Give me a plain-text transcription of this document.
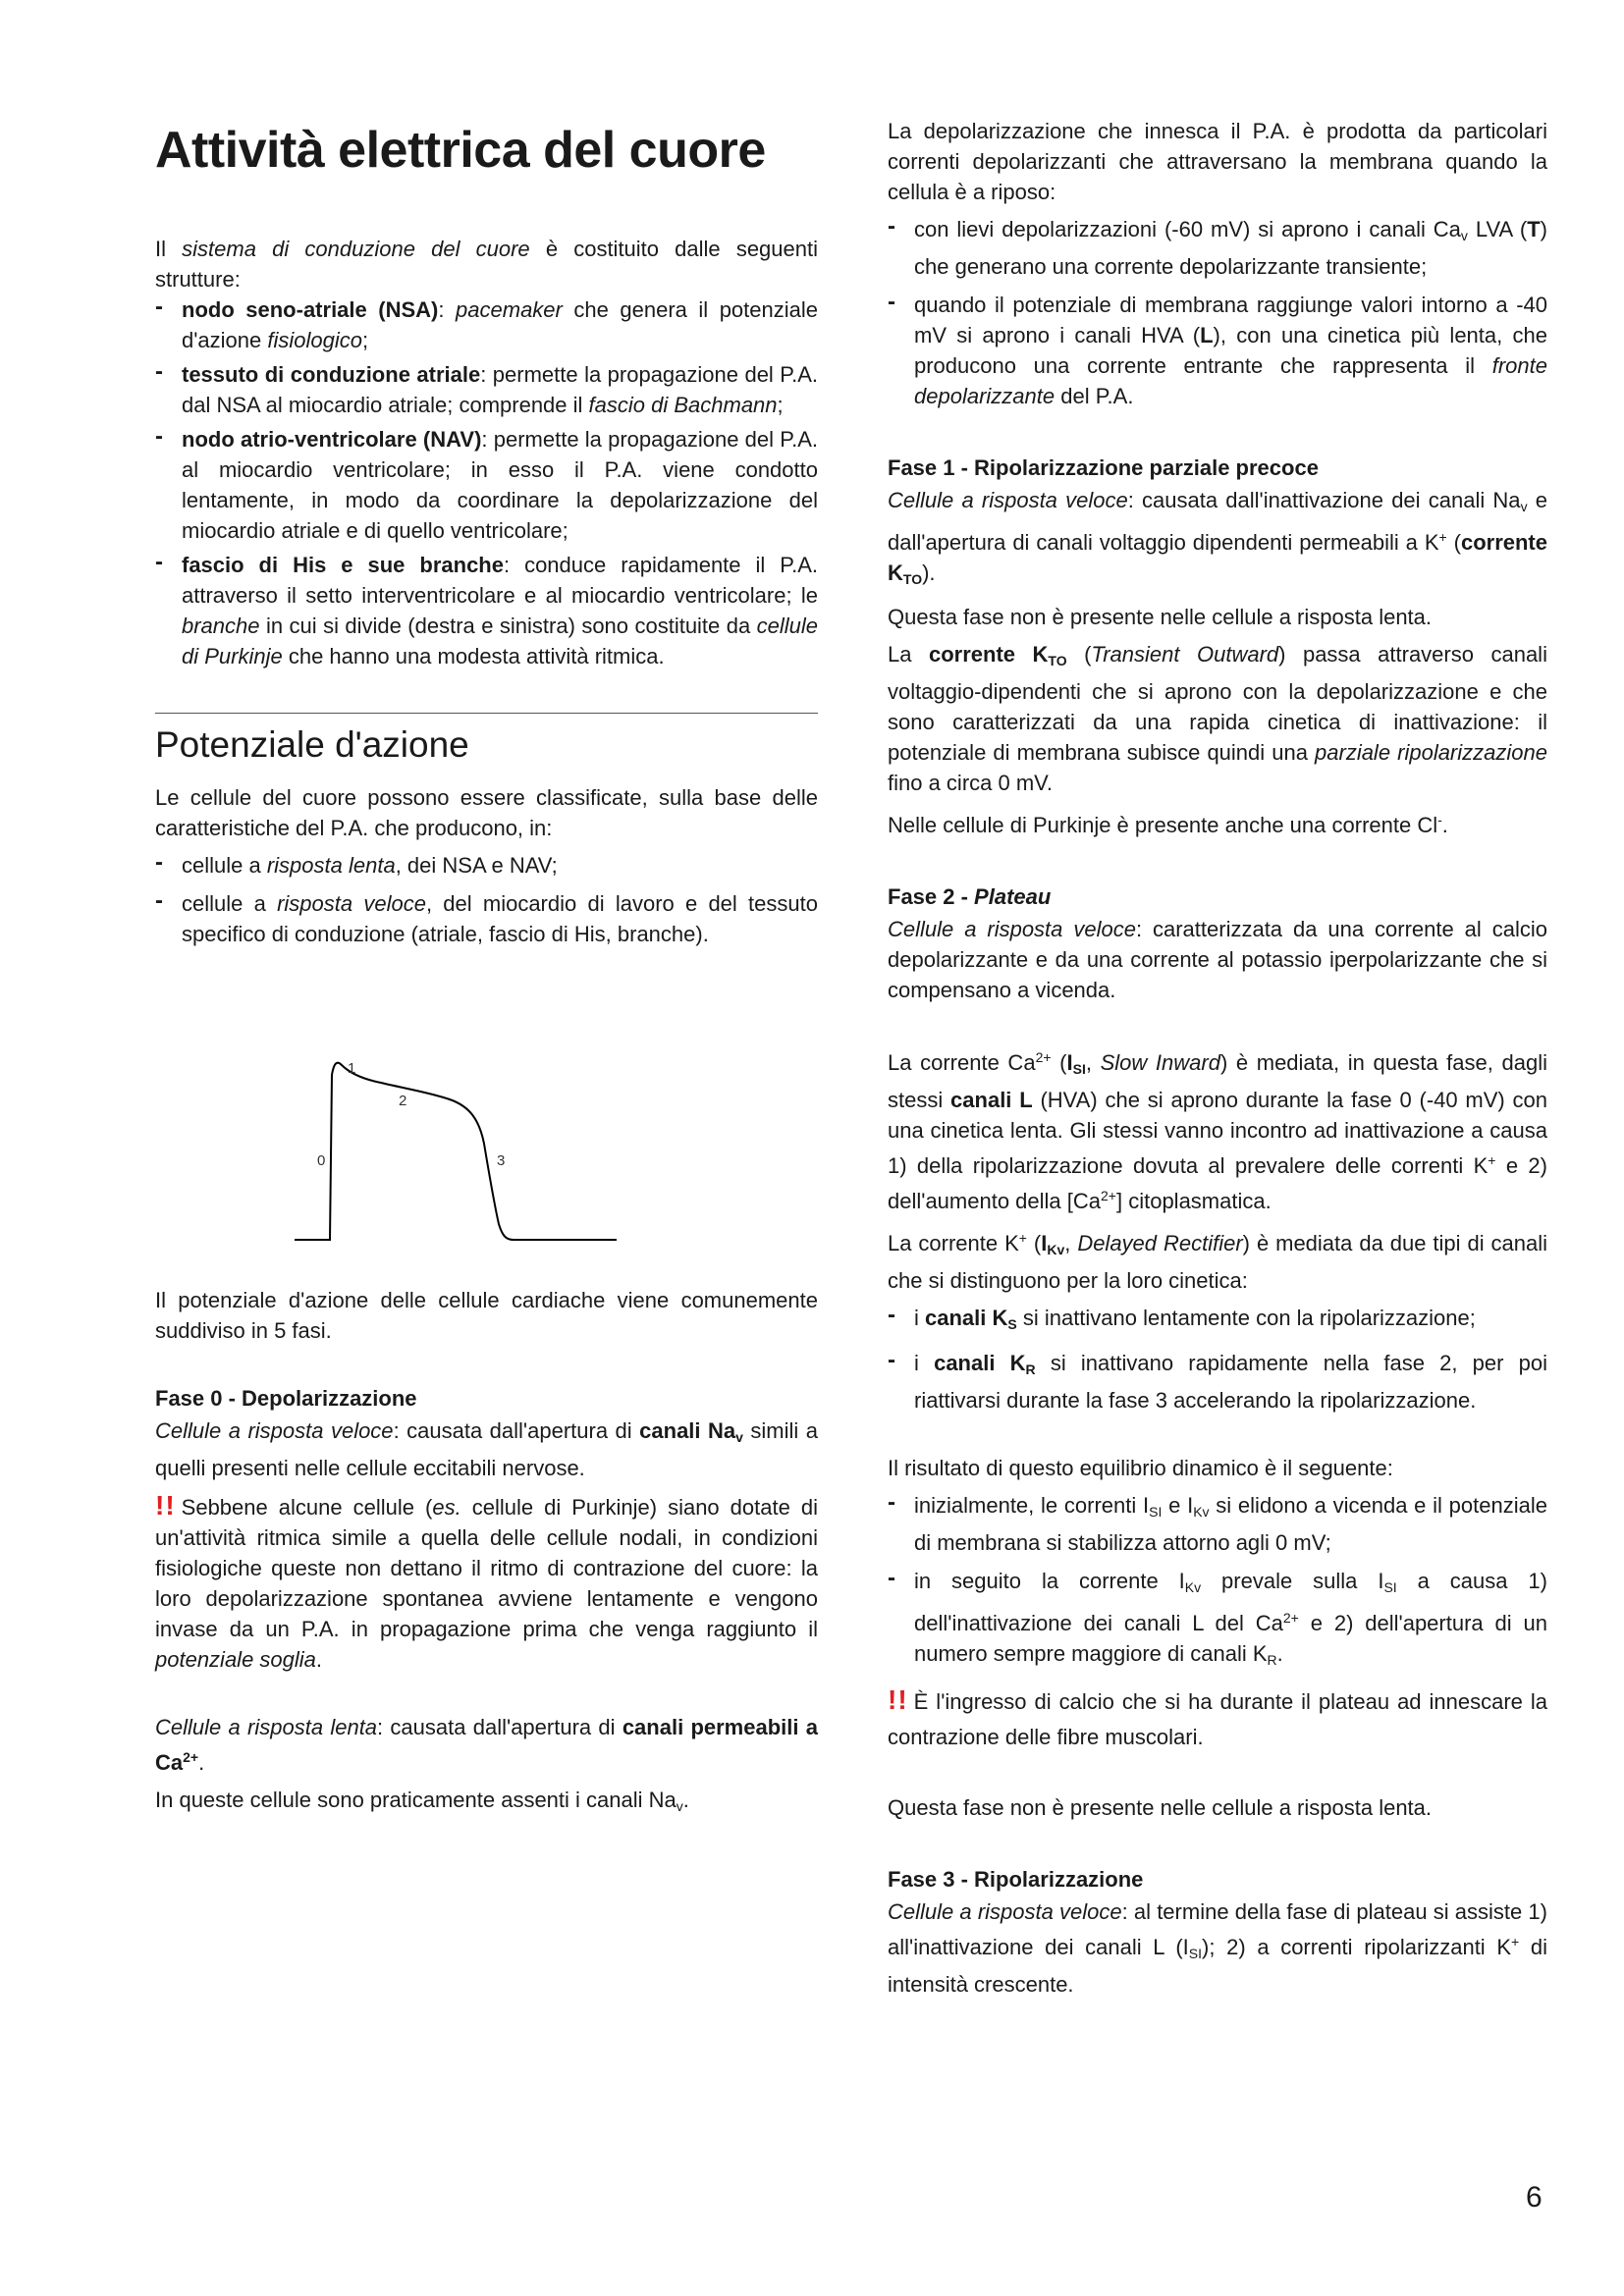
Attività elettrica del cuore

Il sistema di conduzione del cuore è costituito dalle seguenti strutture:

- nodo seno-atriale (NSA): pacemaker che genera il potenziale d'azione fisiologico;
- tessuto di conduzione atriale: permette la propagazione del P.A. dal NSA al miocardio atriale; comprende il fascio di Bachmann;
- nodo atrio-ventricolare (NAV): permette la propagazione del P.A. al miocardio ventricolare; in esso il P.A. viene condotto lentamente, in modo da coordinare la depolarizzazione del miocardio atriale e di quello ventricolare;
- fascio di His e sue branche: conduce rapidamente il P.A. attraverso il setto interventricolare e al miocardio ventricolare; le branche in cui si divide (destra e sinistra) sono costituite da cellule di Purkinje che hanno una modesta attività ritmica.
Potenziale d'azione

Le cellule del cuore possono essere classificate, sulla base delle caratteristiche del P.A. che producono, in:

- cellule a risposta lenta, dei NSA e NAV;
- cellule a risposta veloce, del miocardio di lavoro e del tessuto specifico di conduzione (atriale, fascio di His, branche).
0
1
2
3

Il potenziale d'azione delle cellule cardiache viene comunemente suddiviso in 5 fasi.

Fase 0 - Depolarizzazione

Cellule a risposta veloce: causata dall'apertura di canali $Na_v$ simili a quelli presenti nelle cellule eccitabili nervose.

!! Sebbene alcune cellule (es. cellule di Purkinje) siano dotate di un'attività ritmica simile a quella delle cellule nodali, in condizioni fisiologiche queste non dettano il ritmo di contrazione del cuore: la loro depolarizzazione spontanea avviene lentamente e vengono invase da un P.A. in propagazione prima che venga raggiunto il potenziale soglia.

Cellule a risposta lenta: causata dall'apertura di canali permeabili a $Ca^{2+}$.

In queste cellule sono praticamente assenti i canali $Na_v$.

La depolarizzazione che innesca il P.A. è prodotta da particolari correnti depolarizzanti che attraversano la membrana quando la cellula è a riposo:

- con lievi depolarizzazioni (-60 mV) si aprono i canali $Ca_v$ LVA (T) che generano una corrente depolarizzante transiente;
- quando il potenziale di membrana raggiunge valori intorno a -40 mV si aprono i canali HVA (L), con una cinetica più lenta, che producono una corrente entrante che rappresenta il fronte depolarizzante del P.A.
Fase 1 - Ripolarizzazione parziale precoce

Cellule a risposta veloce: causata dall'inattivazione dei canali $Na_v$ e dall'apertura di canali voltaggio dipendenti permeabili a K+ (corrente $K_{TO}$).

Questa fase non è presente nelle cellule a risposta lenta.

La corrente $K_{TO}$ (Transient Outward) passa attraverso canali voltaggio-dipendenti che si aprono con la depolarizzazione e che sono caratterizzati da una rapida cinetica di inattivazione: il potenziale di membrana subisce quindi una parziale ripolarizzazione fino a circa 0 mV.

Nelle cellule di Purkinje è presente anche una corrente Cl-.

Fase 2 - Plateau

Cellule a risposta veloce: caratterizzata da una corrente al calcio depolarizzante e da una corrente al potassio iperpolarizzante che si compensano a vicenda.

La corrente $Ca^{2+}$ ($I_{SI}$, Slow Inward) è mediata, in questa fase, dagli stessi canali L (HVA) che si aprono durante la fase 0 (-40 mV) con una cinetica lenta. Gli stessi vanno incontro ad inattivazione a causa 1) della ripolarizzazione dovuta al prevalere delle correnti K+ e 2) dell'aumento della $[Ca^{2+}]$ citoplasmatica.

La corrente K+ ($I_{Kv}$, Delayed Rectifier) è mediata da due tipi di canali che si distinguono per la loro cinetica:

- i canali $K_S$ si inattivano lentamente con la ripolarizzazione;
- i canali $K_R$ si inattivano rapidamente nella fase 2, per poi riattivarsi durante la fase 3 accelerando la ripolarizzazione.

Il risultato di questo equilibrio dinamico è il seguente:

- inizialmente, le correnti $I_{SI}$ e $I_{Kv}$ si elidono a vicenda e il potenziale di membrana si stabilizza attorno agli 0 mV;
- in seguito la corrente $I_{Kv}$ prevale sulla $I_{SI}$ a causa 1) dell'inattivazione dei canali L del $Ca^{2+}$ e 2) dell'apertura di un numero sempre maggiore di canali $K_R$.

!! È l'ingresso di calcio che si ha durante il plateau ad innescare la contrazione delle fibre muscolari.

Questa fase non è presente nelle cellule a risposta lenta.

Fase 3 - Ripolarizzazione

Cellule a risposta veloce: al termine della fase di plateau si assiste 1) all'inattivazione dei canali L $(I_{SI})$; 2) a correnti ripolarizzanti K+ di intensità crescente.

6
